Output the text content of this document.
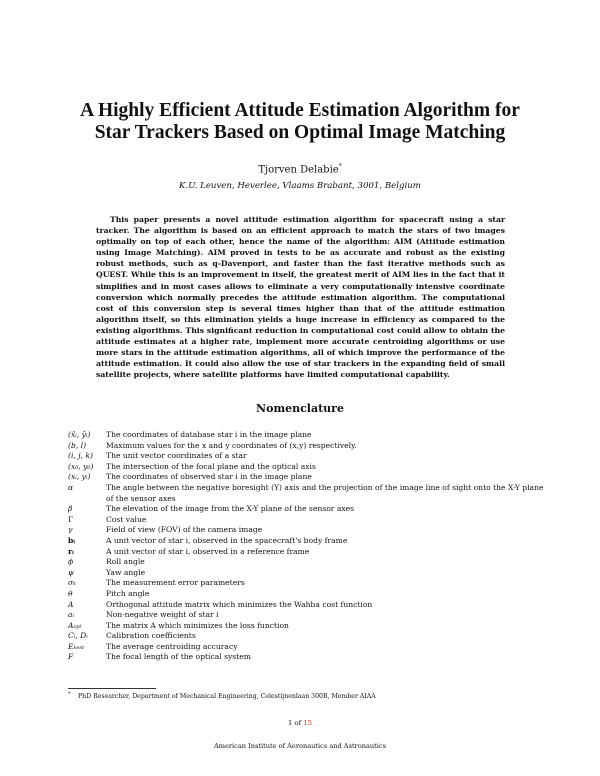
A Highly Efficient Attitude Estimation Algorithm for
Star Trackers Based on Optimal Image Matching
Tjorven Delabie*
K.U. Leuven, Heverlee, Vlaams Brabant, 3001, Belgium
This paper presents a novel attitude estimation algorithm for spacecraft using a star tracker. The algorithm is based on an efficient approach to match the stars of two images optimally on top of each other, hence the name of the algorithm: AIM (Attitude estimation using Image Matching). AIM proved in tests to be as accurate and robust as the existing robust methods, such as q-Davenport, and faster than the fast iterative methods such as QUEST. While this is an improvement in itself, the greatest merit of AIM lies in the fact that it simplifies and in most cases allows to eliminate a very computationally intensive coordinate conversion which normally precedes the attitude estimation algorithm. The computational cost of this conversion step is several times higher than that of the attitude estimation algorithm itself, so this elimination yields a huge increase in efficiency as compared to the existing algorithms. This significant reduction in computational cost could allow to obtain the attitude estimates at a higher rate, implement more accurate centroiding algorithms or use more stars in the attitude estimation algorithms, all of which improve the performance of the attitude estimation. It could also allow the use of star trackers in the expanding field of small satellite projects, where satellite platforms have limited computational capability.
Nomenclature
(x̂ᵢ, ŷᵢ)	The coordinates of database star i in the image plane
(b, l)	Maximum values for the x and y coordinates of (x,y) respectively.
(i, j, k)	The unit vector coordinates of a star
(x₀, y₀)	The intersection of the focal plane and the optical axis
(xᵢ, yᵢ)	The coordinates of observed star i in the image plane
α	The angle between the negative boresight (Y) axis and the projection of the image line of sight onto the X-Y plane of the sensor axes
β	The elevation of the image from the X-Y plane of the sensor axes
Γ	Cost value
γ	Field of view (FOV) of the camera image
bᵢ	A unit vector of star i, observed in the spacecraft's body frame
rᵢ	A unit vector of star i, observed in a reference frame
ϕ	Roll angle
ψ	Yaw angle
σₖ	The measurement error parameters
θ	Pitch angle
A	Orthogonal attitude matrix which minimizes the Wahba cost function
aᵢ	Non-negative weight of star i
Aₒₚₜ	The matrix A which minimizes the loss function
Cᵢ, Dᵢ	Calibration coefficients
Eₖₑₙₜ	The average centroiding accuracy
F	The focal length of the optical system
* PhD Researcher, Department of Mechanical Engineering, Celestijnenlaan 300B, Member AIAA
1 of 15
American Institute of Aeronautics and Astronautics
